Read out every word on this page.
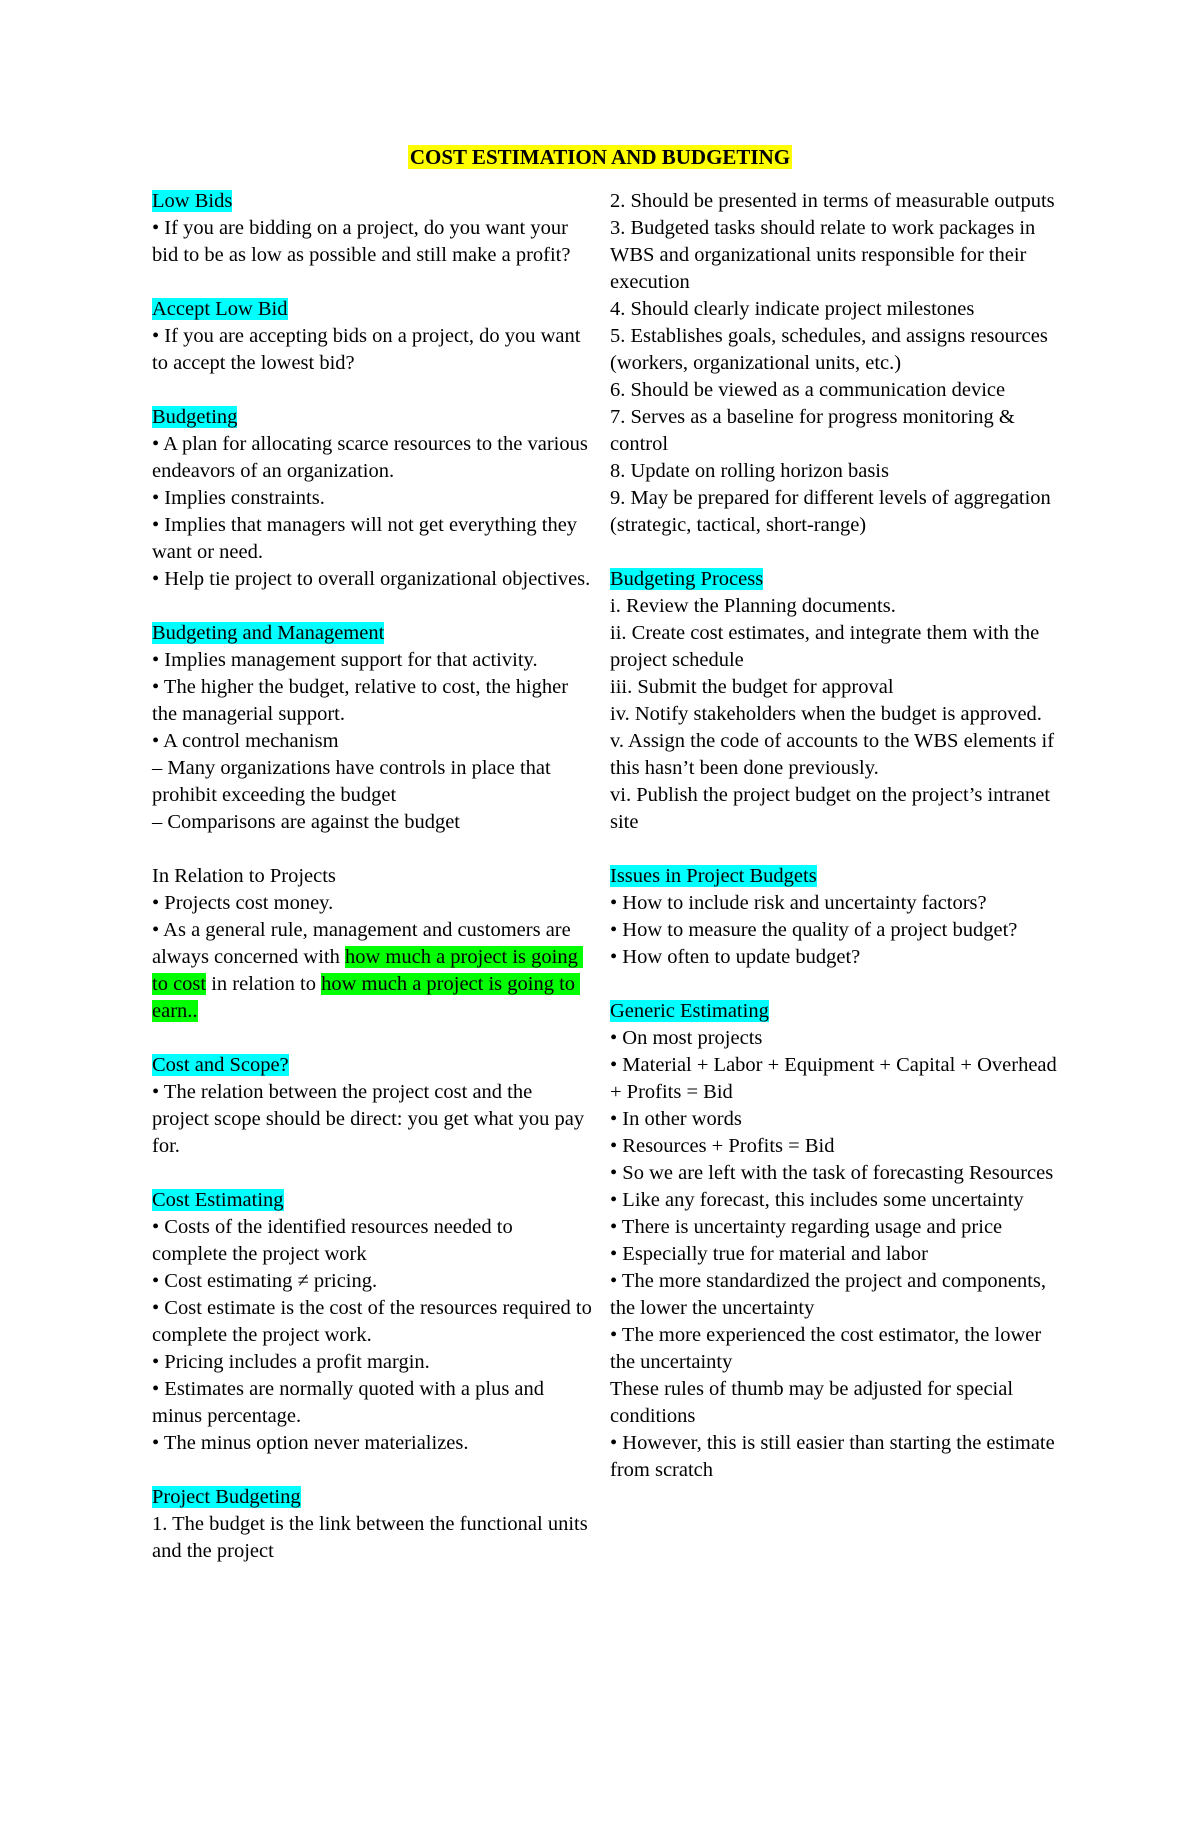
COST ESTIMATION AND BUDGETING
Low Bids
• If you are bidding on a project, do you want your bid to be as low as possible and still make a profit?
Accept Low Bid
• If you are accepting bids on a project, do you want to accept the lowest bid?
Budgeting
• A plan for allocating scarce resources to the various endeavors of an organization.
• Implies constraints.
• Implies that managers will not get everything they want or need.
• Help tie project to overall organizational objectives.
Budgeting and Management
• Implies management support for that activity.
• The higher the budget, relative to cost, the higher the managerial support.
• A control mechanism
– Many organizations have controls in place that prohibit exceeding the budget
– Comparisons are against the budget
In Relation to Projects
• Projects cost money.
• As a general rule, management and customers are always concerned with how much a project is going to cost in relation to how much a project is going to earn..
Cost and Scope?
• The relation between the project cost and the project scope should be direct: you get what you pay for.
Cost Estimating
• Costs of the identified resources needed to complete the project work
• Cost estimating ≠ pricing.
• Cost estimate is the cost of the resources required to complete the project work.
• Pricing includes a profit margin.
• Estimates are normally quoted with a plus and minus percentage.
• The minus option never materializes.
Project Budgeting
1. The budget is the link between the functional units and the project
2. Should be presented in terms of measurable outputs
3. Budgeted tasks should relate to work packages in WBS and organizational units responsible for their execution
4. Should clearly indicate project milestones
5. Establishes goals, schedules, and assigns resources (workers, organizational units, etc.)
6. Should be viewed as a communication device
7. Serves as a baseline for progress monitoring & control
8. Update on rolling horizon basis
9. May be prepared for different levels of aggregation (strategic, tactical, short-range)
Budgeting Process
i. Review the Planning documents.
ii. Create cost estimates, and integrate them with the project schedule
iii. Submit the budget for approval
iv. Notify stakeholders when the budget is approved.
v. Assign the code of accounts to the WBS elements if this hasn’t been done previously.
vi. Publish the project budget on the project’s intranet site
Issues in Project Budgets
• How to include risk and uncertainty factors?
• How to measure the quality of a project budget?
• How often to update budget?
Generic Estimating
• On most projects
• Material + Labor + Equipment + Capital + Overhead + Profits = Bid
• In other words
• Resources + Profits = Bid
• So we are left with the task of forecasting Resources
• Like any forecast, this includes some uncertainty
• There is uncertainty regarding usage and price
• Especially true for material and labor
• The more standardized the project and components, the lower the uncertainty
• The more experienced the cost estimator, the lower the uncertainty
These rules of thumb may be adjusted for special conditions
• However, this is still easier than starting the estimate from scratch
